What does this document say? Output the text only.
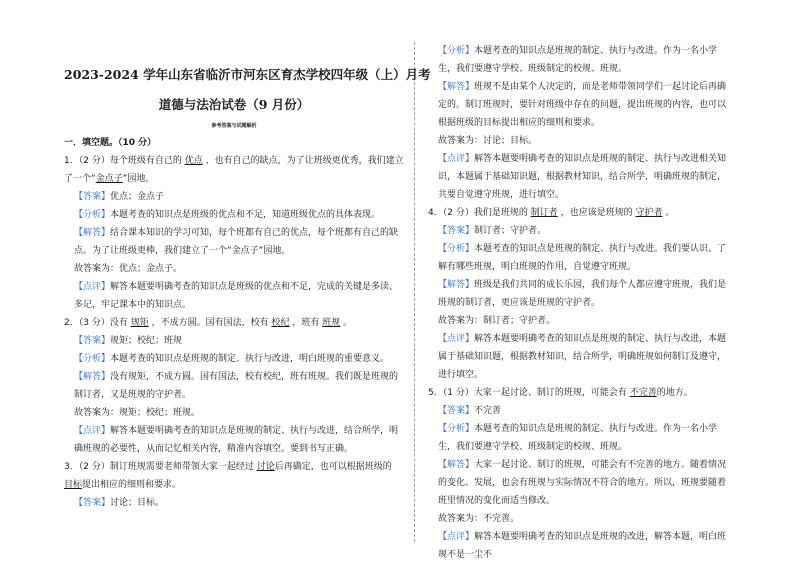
2023-2024 学年山东省临沂市河东区育杰学校四年级（上）月考

道德与法治试卷（9 月份）

参考答案与试题解析

一．填空题。（10 分）

1．（2 分）每个班级有自己的 优点 ，也有自己的缺点，为了让班级更优秀，我们建立

了一个“金点子”园地。

【答案】优点；金点子

【分析】本题考查的知识点是班级的优点和不足，知道班级优点的具体表现。

【解答】结合课本知识的学习可知，每个班都有自己的优点，每个班都有自己的缺点。为了让班级更棒，我们建立了一个“金点子”园地。

故答案为：优点；金点子。

【点评】解答本题要明确考查的知识点是班级的优点和不足，完成的关键是多读、多记，牢记课本中的知识点。

2．（3 分）没有 规矩 ，不成方圆。国有国法，校有 校纪 ，班有 班规 。

【答案】规矩；校纪；班规

【分析】本题考查的知识点是班规的制定、执行与改进，明白班规的重要意义。

【解答】没有规矩，不成方圆。国有国法，校有校纪，班有班规。我们既是班规的制订者，又是班规的守护者。

故答案为：规矩；校纪；班规。

【点评】解答本题要明确考查的知识点是班规的制定、执行与改进，结合所学，明确班规的必要性，从而记忆相关内容，精准内容填空。要到书写正确。

3．（2 分）制订班规需要老师带领大家一起经过 讨论后再确定，也可以根据班级的

目标提出相应的细则和要求。

【答案】讨论；目标。

【分析】本题考查的知识点是班规的制定、执行与改进。作为一名小学生，我们要遵守学校、班级制定的校规、班规。

【解答】班规不是由某个人决定的，而是老师带领同学们一起讨论后再确定的。制订班规时，要针对班级中存在的问题，提出班规的内容，也可以根据班级的目标提出相应的细则和要求。

故答案为：讨论；目标。

【点评】解答本题要明确考查的知识点是班规的制定、执行与改进相关知识，本题属于基础知识题，根据教材知识，结合所学，明确班规的制定，共要自觉遵守班规，进行填空。

4．（2 分）我们是班规的 制订者 ，也应该是班规的 守护者 。

【答案】制订者；守护者。

【分析】本题考查的知识点是班规的制定、执行与改进。我们要认识、了解有哪些班规，明白班规的作用，自觉遵守班规。

【解答】班级是我们共同的成长乐园，我们每个人都应遵守班规，我们是班规的制订者，更应该是班规的守护者。

故答案为：制订者；守护者。

【点评】解答本题要明确考查的知识点是班规的制定、执行与改进，本题属于基础知识题，根据教材知识，结合所学，明确班规如何制订及遵守，进行填空。

5．（1 分）大家一起讨论、制订的班规，可能会有 不完善的地方。

【答案】不完善

【分析】本题考查的知识点是班规的制定、执行与改进。作为一名小学生，我们要遵守学校、班级制定的校规、班规。

【解答】大家一起讨论、制订的班规，可能会有不完善的地方。随着情况的变化、发展，也会有班规与实际情况不符合的地方。所以，班规要随着班里情况的变化而适当修改。

故答案为：不完善。

【点评】解答本题要明确考查的知识点是班规的改进，解答本题，明白班规不是一尘不
